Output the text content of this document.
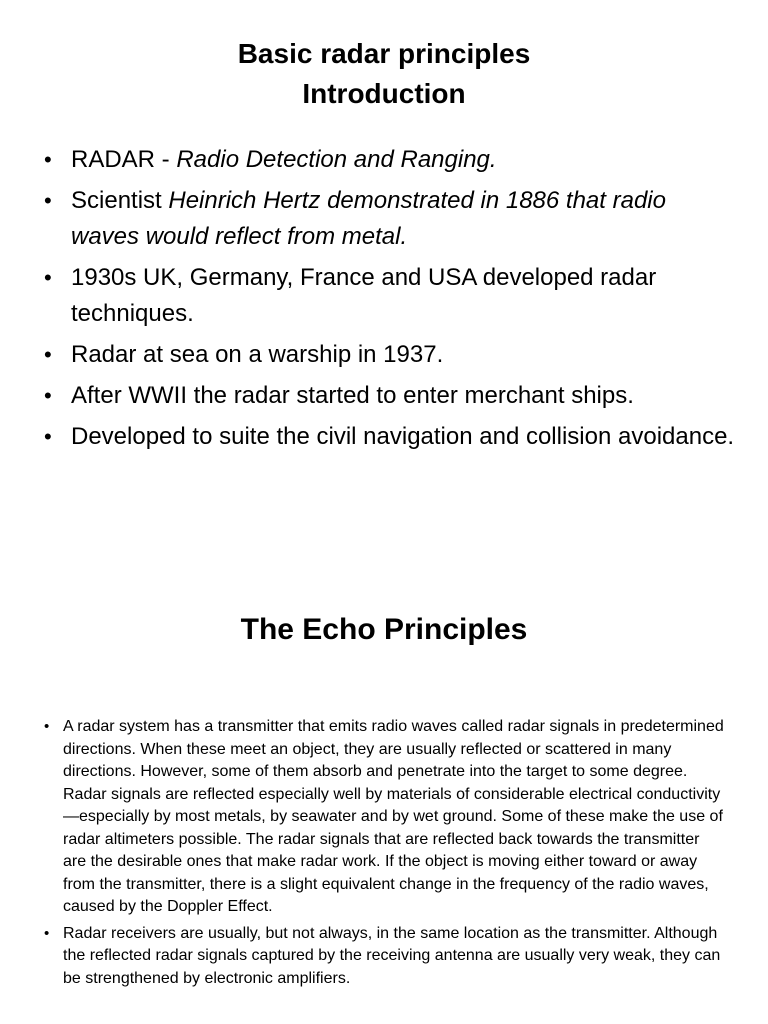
Basic radar principles
Introduction
• RADAR - Radio Detection and Ranging.
• Scientist Heinrich Hertz demonstrated in 1886 that radio waves would reflect from metal.
• 1930s UK, Germany, France and USA developed radar techniques.
• Radar at sea on a warship in 1937.
• After WWII the radar started to enter merchant ships.
• Developed to suite the civil navigation and collision avoidance.
The Echo Principles
• A radar system has a transmitter that emits radio waves called radar signals in predetermined directions. When these meet an object, they are usually reflected or scattered in many directions. However, some of them absorb and penetrate into the target to some degree. Radar signals are reflected especially well by materials of considerable electrical conductivity —especially by most metals, by seawater and by wet ground. Some of these make the use of radar altimeters possible. The radar signals that are reflected back towards the transmitter are the desirable ones that make radar work. If the object is moving either toward or away from the transmitter, there is a slight equivalent change in the frequency of the radio waves, caused by the Doppler Effect.
• Radar receivers are usually, but not always, in the same location as the transmitter. Although the reflected radar signals captured by the receiving antenna are usually very weak, they can be strengthened by electronic amplifiers.
